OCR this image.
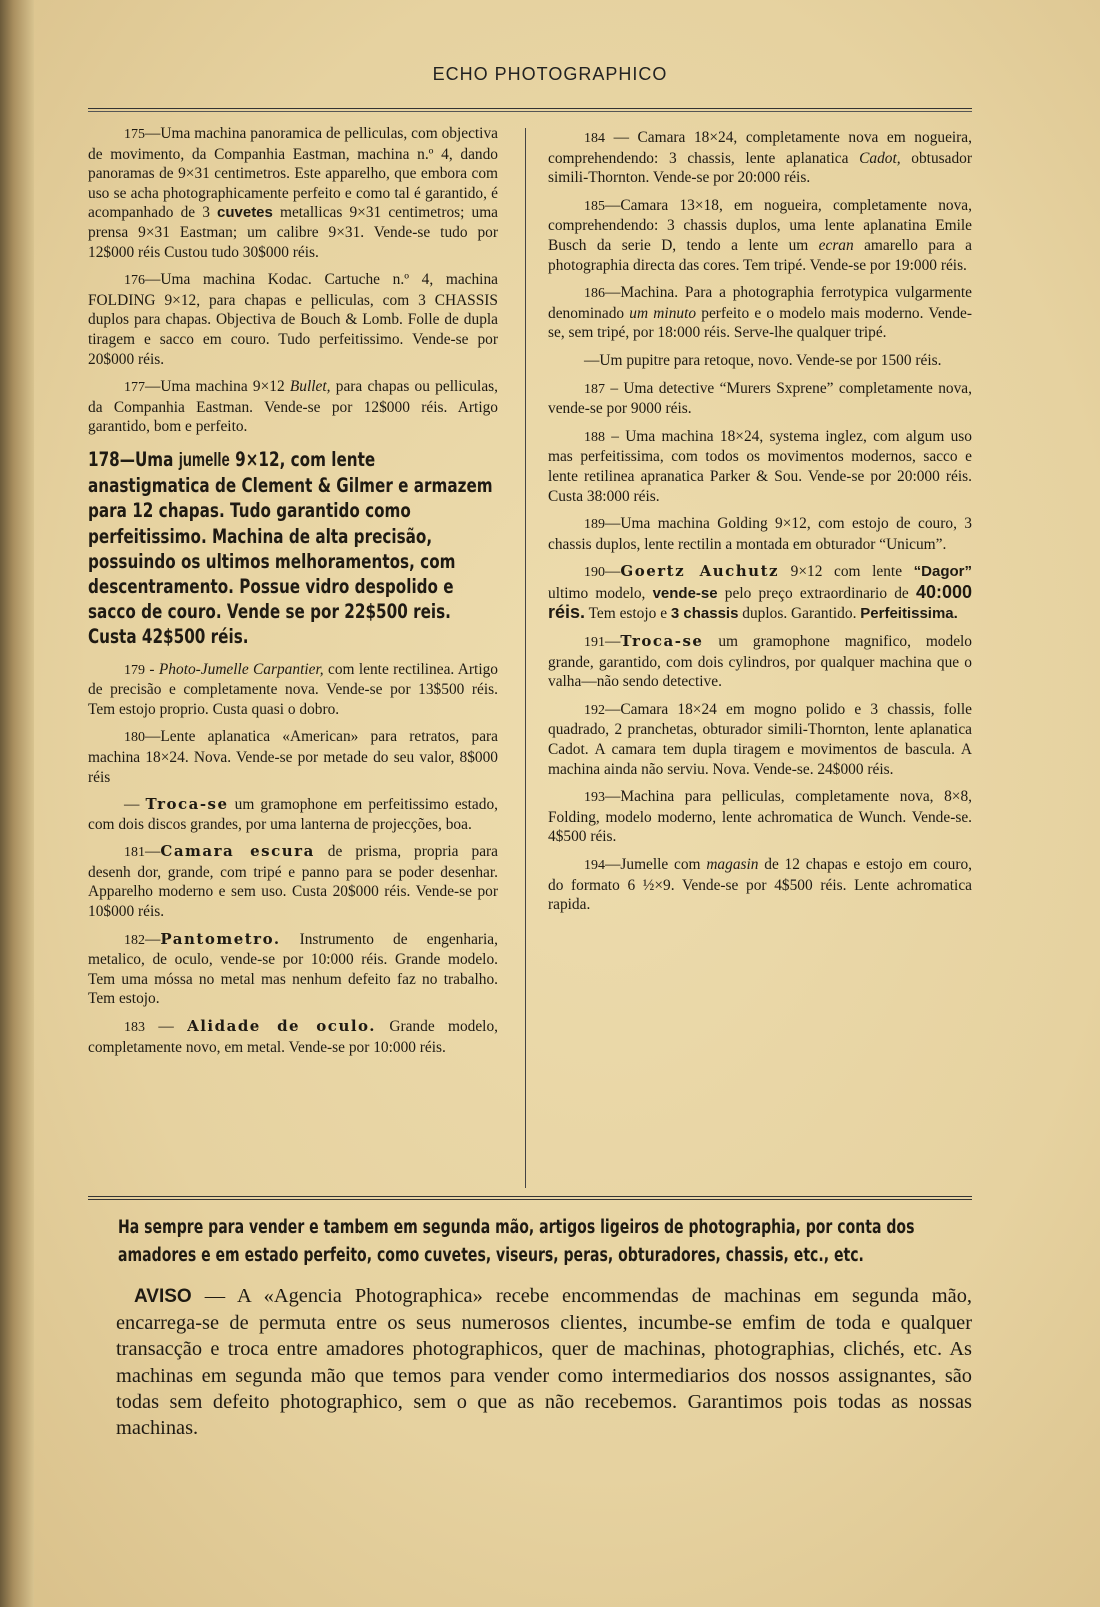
ECHO PHOTOGRAPHICO

175—Uma machina panoramica de pelliculas, com objectiva de movimento, da Companhia Eastman, machina n.º 4, dando panoramas de 9×31 centimetros. Este apparelho, que embora com uso se acha photographicamente perfeito e como tal é garantido, é acompanhado de 3 cuvetes metallicas 9×31 centimetros; uma prensa 9×31 Eastman; um calibre 9×31. Vende-se tudo por 12$000 réis Custou tudo 30$000 réis.

176—Uma machina Kodac. Cartuche n.º 4, machina FOLDING 9×12, para chapas e pelliculas, com 3 CHASSIS duplos para chapas. Objectiva de Bouch & Lomb. Folle de dupla tiragem e sacco em couro. Tudo perfeitissimo. Vende-se por 20$000 réis.

177—Uma machina 9×12 Bullet, para chapas ou pelliculas, da Companhia Eastman. Vende-se por 12$000 réis. Artigo garantido, bom e perfeito.

178—Uma jumelle 9×12, com lente anastigmatica de Clement & Gilmer e armazem para 12 chapas. Tudo garantido como perfeitissimo. Machina de alta precisão, possuindo os ultimos melhoramentos, com descentramento. Possue vidro despolido e sacco de couro. Vende se por 22$500 reis. Custa 42$500 réis.

179 - Photo-Jumelle Carpantier, com lente rectilinea. Artigo de precisão e completamente nova. Vende-se por 13$500 réis. Tem estojo proprio. Custa quasi o dobro.

180—Lente aplanatica «American» para retratos, para machina 18×24. Nova. Vende-se por metade do seu valor, 8$000 réis

— Troca-se um gramophone em perfeitissimo estado, com dois discos grandes, por uma lanterna de projecções, boa.

181—Camara escura de prisma, propria para desenh dor, grande, com tripé e panno para se poder desenhar. Apparelho moderno e sem uso. Custa 20$000 réis. Vende-se por 10$000 réis.

182—Pantometro. Instrumento de engenharia, metalico, de oculo, vende-se por 10:000 réis. Grande modelo. Tem uma móssa no metal mas nenhum defeito faz no trabalho. Tem estojo.

183 — Alidade de oculo. Grande modelo, completamente novo, em metal. Vende-se por 10:000 réis.

184 — Camara 18×24, completamente nova em nogueira, comprehendendo: 3 chassis, lente aplanatica Cadot, obtusador simili-Thornton. Vende-se por 20:000 réis.

185—Camara 13×18, em nogueira, completamente nova, comprehendendo: 3 chassis duplos, uma lente aplanatina Emile Busch da serie D, tendo a lente um ecran amarello para a photographia directa das cores. Tem tripé. Vende-se por 19:000 réis.

186—Machina. Para a photographia ferrotypica vulgarmente denominado um minuto perfeito e o modelo mais moderno. Vende-se, sem tripé, por 18:000 réis. Serve-lhe qualquer tripé.

—Um pupitre para retoque, novo. Vende-se por 1500 réis.

187 – Uma detective “Murers Sxprene” completamente nova, vende-se por 9000 réis.

188 – Uma machina 18×24, systema inglez, com algum uso mas perfeitissima, com todos os movimentos modernos, sacco e lente retilinea apranatica Parker & Sou. Vende-se por 20:000 réis. Custa 38:000 réis.

189—Uma machina Golding 9×12, com estojo de couro, 3 chassis duplos, lente rectilin a montada em obturador “Unicum”.

190—Goertz Auchutz 9×12 com lente “Dagor” ultimo modelo, vende-se pelo preço extraordinario de 40:000 réis. Tem estojo e 3 chassis duplos. Garantido. Perfeitissima.

191—Troca-se um gramophone magnifico, modelo grande, garantido, com dois cylindros, por qualquer machina que o valha—não sendo detective.

192—Camara 18×24 em mogno polido e 3 chassis, folle quadrado, 2 pranchetas, obturador simili-Thornton, lente aplanatica Cadot. A camara tem dupla tiragem e movimentos de bascula. A machina ainda não serviu. Nova. Vende-se. 24$000 réis.

193—Machina para pelliculas, completamente nova, 8×8, Folding, modelo moderno, lente achromatica de Wunch. Vende-se. 4$500 réis.

194—Jumelle com magasin de 12 chapas e estojo em couro, do formato 6 ½×9. Vende-se por 4$500 réis. Lente achromatica rapida.

Ha sempre para vender e tambem em segunda mão, artigos ligeiros de photographia, por conta dos
amadores e em estado perfeito, como cuvetes, viseurs, peras, obturadores, chassis, etc., etc.
AVISO — A «Agencia Photographica» recebe encommendas de machinas em segunda mão, encarrega-se de permuta entre os seus numerosos clientes, incumbe-se emfim de toda e qualquer transacção e troca entre amadores photographicos, quer de machinas, photographias, clichés, etc. As machinas em segunda mão que temos para vender como intermediarios dos nossos assignantes, são todas sem defeito photographico, sem o que as não recebemos. Garantimos pois todas as nossas machinas.
